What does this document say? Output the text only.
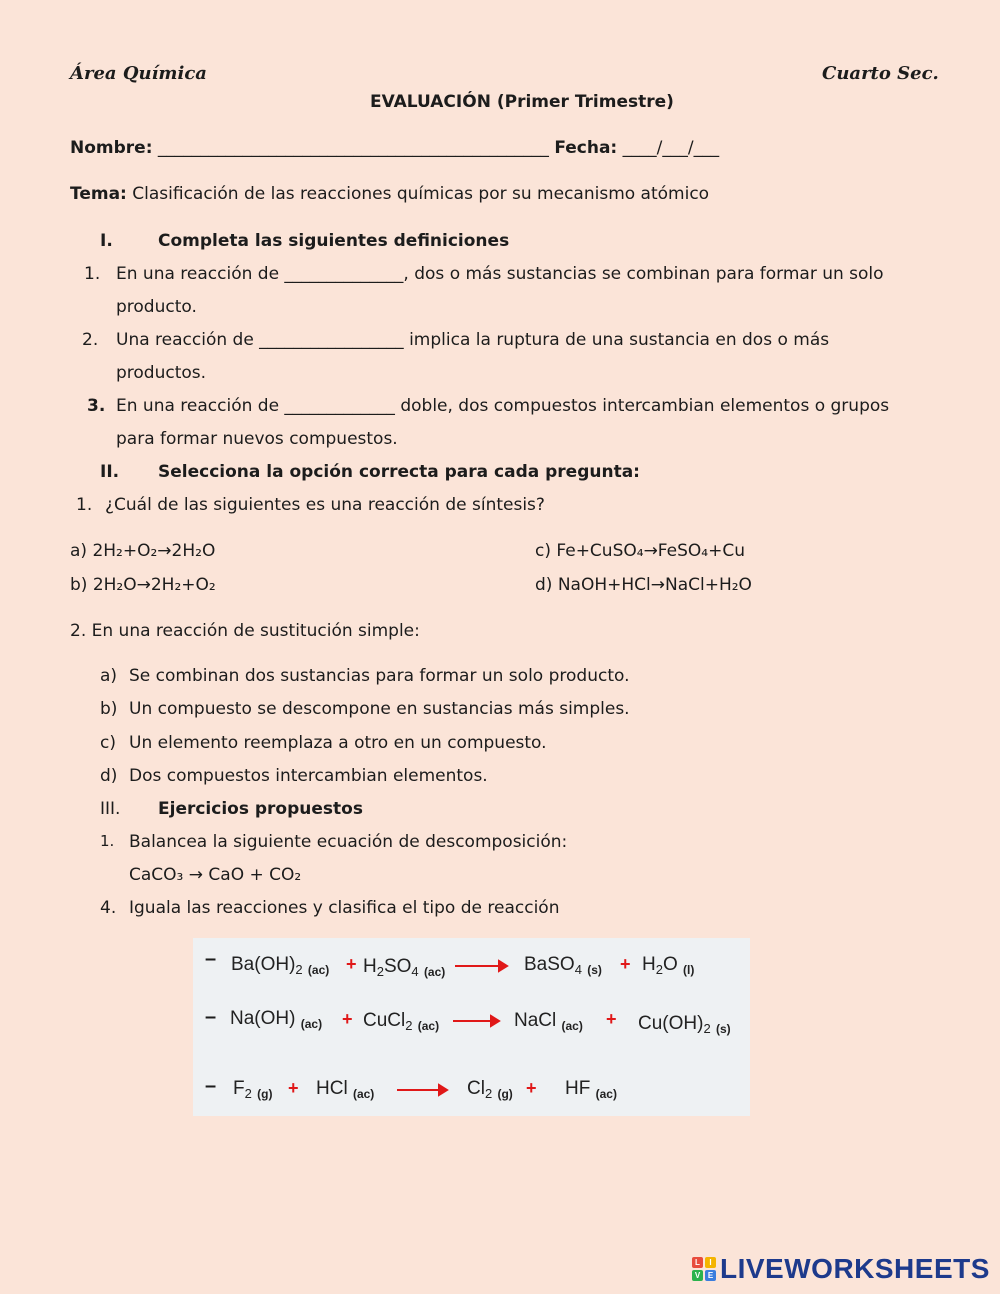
Área Química	Cuarto Sec.
EVALUACIÓN (Primer Trimestre)
Nombre: ______________________________________________ Fecha: ____/___/___
Tema: Clasificación de las reacciones químicas por su mecanismo atómico
I.	Completa las siguientes definiciones
1. En una reacción de ______________, dos o más sustancias se combinan para formar un solo
producto.
2. Una reacción de _________________ implica la ruptura de una sustancia en dos o más
productos.
3. En una reacción de _____________ doble, dos compuestos intercambian elementos o grupos
para formar nuevos compuestos.
II. Selecciona la opción correcta para cada pregunta:
1. ¿Cuál de las siguientes es una reacción de síntesis?
a) 2H₂+O₂→2H₂O
b) 2H₂O→2H₂+O₂
c) Fe+CuSO₄→FeSO₄+Cu
d) NaOH+HCl→NaCl+H₂O
2. En una reacción de sustitución simple:
a) Se combinan dos sustancias para formar un solo producto.
b) Un compuesto se descompone en sustancias más simples.
c) Un elemento reemplaza a otro en un compuesto.
d) Dos compuestos intercambian elementos.
III. Ejercicios propuestos
1. Balancea la siguiente ecuación de descomposición:
CaCO₃ → CaO + CO₂
4. Iguala las reacciones y clasifica el tipo de reacción
– $Ba(OH)_2$ $_{(ac)} + H_2SO_4$ $_{(ac)}$	BaSO$_4$ $_{(s)} + H_2O$ $_{(l)}$
– Na(OH) $_{(ac)}$ + CuCl$_2$ $_{(ac)}$	NaCl $_{(ac)} + Cu(OH)_2$ $_{(s)}$
– $F_2$ $_{(g)}$ + HCl $_{(ac)}$	$Cl_2$ $_{(g)}$ + HF $_{(ac)}$
L	I
V E LIVEWORKSHEETS
